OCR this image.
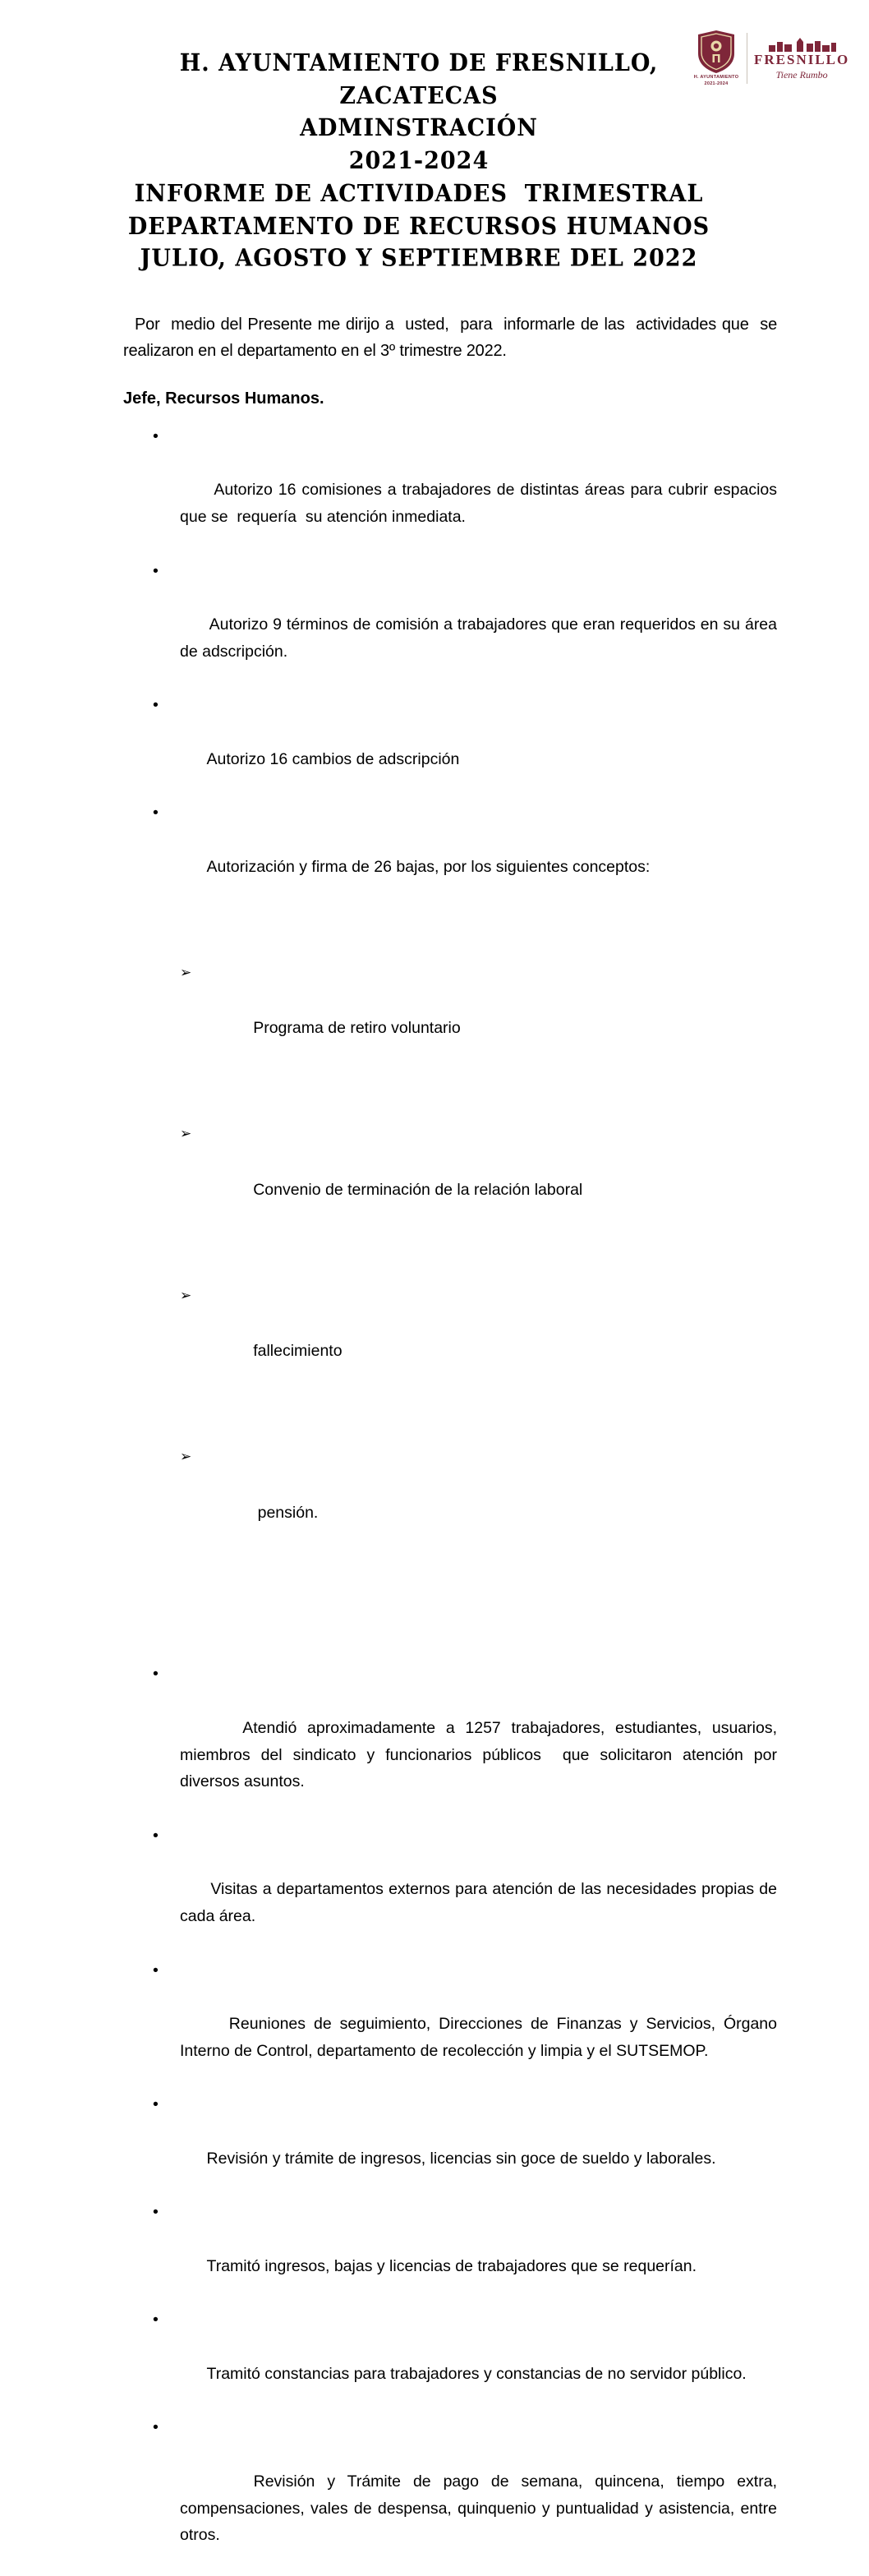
H. AYUNTAMIENTO
2021-2024
FRESNILLO
Tiene Rumbo
H. AYUNTAMIENTO DE FRESNILLO, ZACATECAS
ADMINSTRACIÓN
2021-2024
INFORME DE ACTIVIDADES  TRIMESTRAL
DEPARTAMENTO DE RECURSOS HUMANOS
JULIO, AGOSTO Y SEPTIEMBRE DEL 2022

Por  medio del Presente me dirijo a  usted,  para  informarle de las  actividades que  se realizaron en el departamento en el 3º trimestre 2022.

Jefe, Recursos Humanos.

•

Autorizo 16 comisiones a trabajadores de distintas áreas para cubrir espacios que se  requería  su atención inmediata.

•

Autorizo 9 términos de comisión a trabajadores que eran requeridos en su área de adscripción.

•

Autorizo 16 cambios de adscripción

•

Autorización y firma de 26 bajas, por los siguientes conceptos:

➢

Programa de retiro voluntario

➢

Convenio de terminación de la relación laboral

➢

fallecimiento

➢

pensión.

•

Atendió aproximadamente a 1257 trabajadores, estudiantes, usuarios, miembros del sindicato y funcionarios públicos  que solicitaron atención por diversos asuntos.

•

Visitas a departamentos externos para atención de las necesidades propias de cada área.

•

Reuniones de seguimiento, Direcciones de Finanzas y Servicios, Órgano Interno de Control, departamento de recolección y limpia y el SUTSEMOP.

•

Revisión y trámite de ingresos, licencias sin goce de sueldo y laborales.

•

Tramitó ingresos, bajas y licencias de trabajadores que se requerían.

•

Tramitó constancias para trabajadores y constancias de no servidor público.

•

Revisión y Trámite de pago de semana, quincena, tiempo extra, compensaciones, vales de despensa, quinquenio y puntualidad y asistencia, entre otros.
